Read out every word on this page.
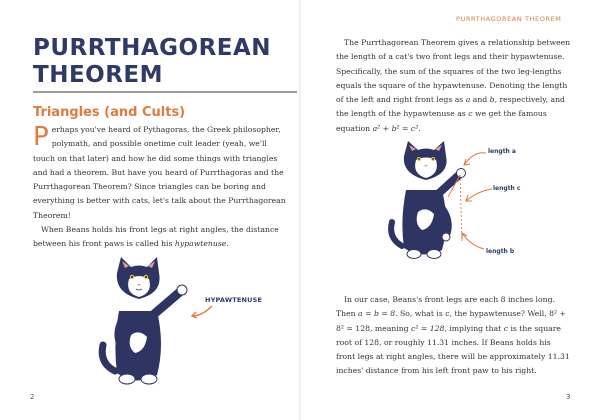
PURRTHAGOREAN THEOREM
Triangles (and Cults)

Perhaps you've heard of Pythagoras, the Greek philosopher, polymath, and possible onetime cult leader (yeah, we'll touch on that later) and how he did some things with triangles and had a theorem. But have you heard of Purrthagoras and the Purrthagorean Theorem? Since triangles can be boring and everything is better with cats, let's talk about the Purrthagorean Theorem!

When Beans holds his front legs at right angles, the distance between his front paws is called his hypawtenuse.

HYPAWTENUSE
2
PURRTHAGOREAN THEOREM

The Purrthagorean Theorem gives a relationship between the length of a cat's two front legs and their hypawtenuse. Specifically, the sum of the squares of the two leg-lengths equals the square of the hypawtenuse. Denoting the length of the left and right front legs as a and b, respectively, and the length of the hypawtenuse as c we get the famous equation a² + b² = c².

length a
length c
length b

In our case, Beans's front legs are each 8 inches long. Then a = b = 8. So, what is c, the hypawtenuse? Well, 8² + 8² = 128, meaning c² = 128, implying that c is the square root of 128, or roughly 11.31 inches. If Beans holds his front legs at right angles, there will be approximately 11.31 inches' distance from his left front paw to his right.

3
